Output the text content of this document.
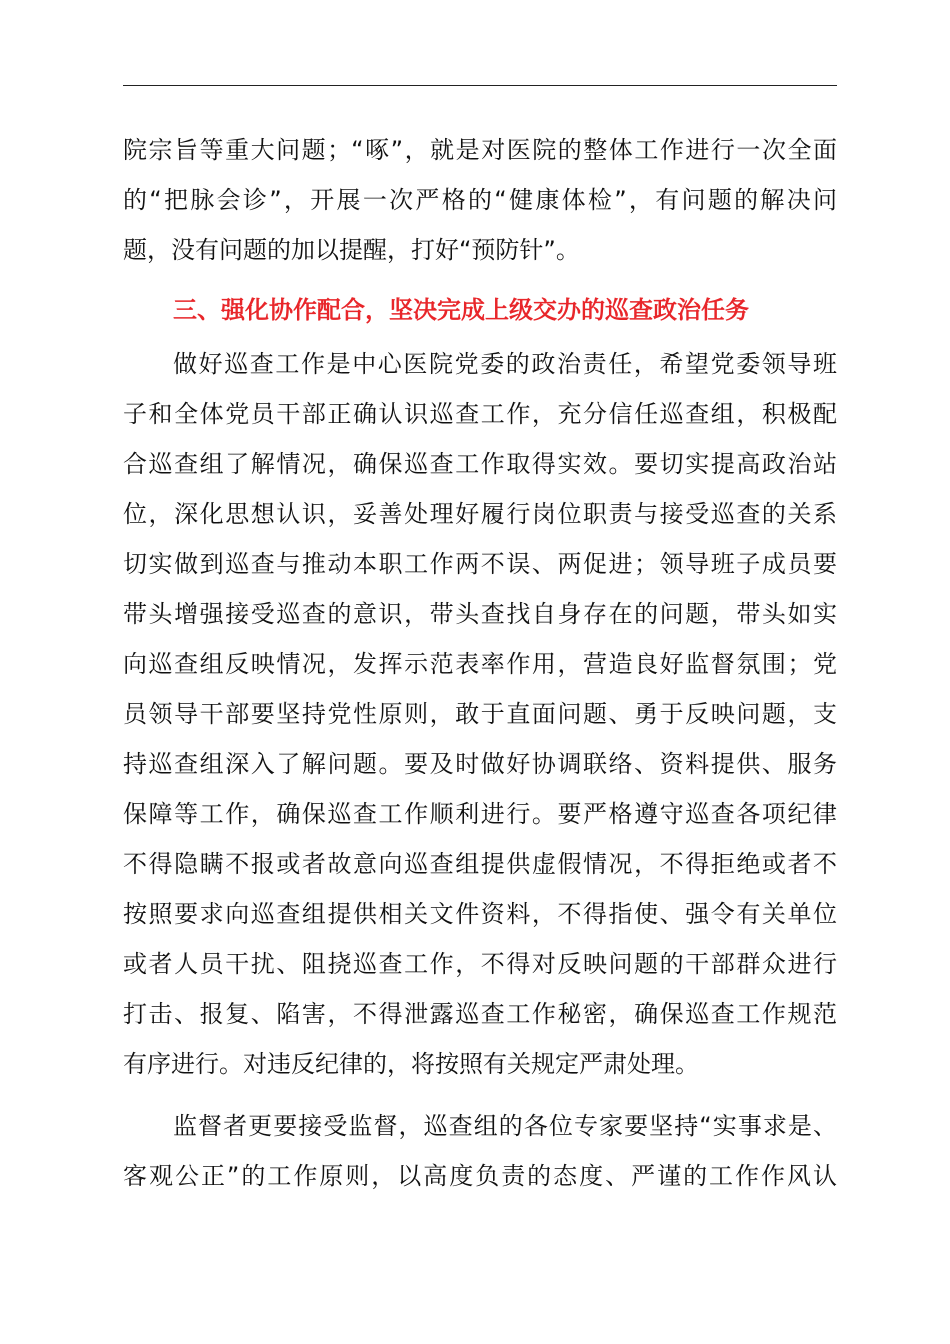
院宗旨等重大问题；“啄”，就是对医院的整体工作进行一次全面
的“把脉会诊”，开展一次严格的“健康体检”，有问题的解决问
题，没有问题的加以提醒，打好“预防针”。
三、强化协作配合，坚决完成上级交办的巡查政治任务
做好巡查工作是中心医院党委的政治责任，希望党委领导班
子和全体党员干部正确认识巡查工作，充分信任巡查组，积极配
合巡查组了解情况，确保巡查工作取得实效。要切实提高政治站
位，深化思想认识，妥善处理好履行岗位职责与接受巡查的关系
切实做到巡查与推动本职工作两不误、两促进；领导班子成员要
带头增强接受巡查的意识，带头查找自身存在的问题，带头如实
向巡查组反映情况，发挥示范表率作用，营造良好监督氛围；党
员领导干部要坚持党性原则，敢于直面问题、勇于反映问题，支
持巡查组深入了解问题。要及时做好协调联络、资料提供、服务
保障等工作，确保巡查工作顺利进行。要严格遵守巡查各项纪律
不得隐瞒不报或者故意向巡查组提供虚假情况，不得拒绝或者不
按照要求向巡查组提供相关文件资料，不得指使、强令有关单位
或者人员干扰、阻挠巡查工作，不得对反映问题的干部群众进行
打击、报复、陷害，不得泄露巡查工作秘密，确保巡查工作规范
有序进行。对违反纪律的，将按照有关规定严肃处理。
监督者更要接受监督，巡查组的各位专家要坚持“实事求是、
客观公正”的工作原则，以高度负责的态度、严谨的工作作风认
